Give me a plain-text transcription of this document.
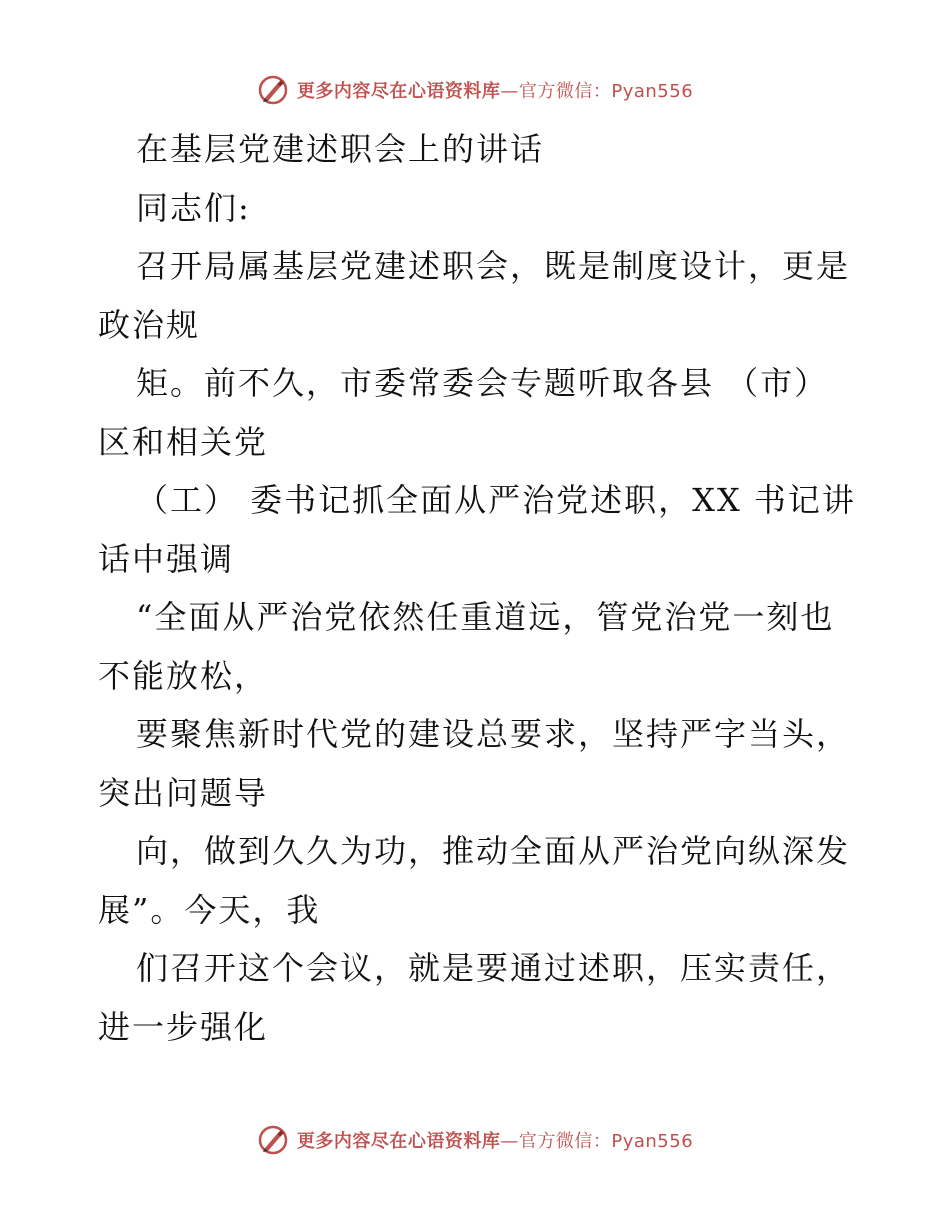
更多内容尽在心语资料库—官方微信：Pyan556
在基层党建述职会上的讲话
同志们:
召开局属基层党建述职会，既是制度设计，更是
政治规
矩。前不久，市委常委会专题听取各县 （市）
区和相关党
（工） 委书记抓全面从严治党述职，XX 书记讲
话中强调
“全面从严治党依然任重道远，管党治党一刻也
不能放松，
要聚焦新时代党的建设总要求，坚持严字当头，
突出问题导
向，做到久久为功，推动全面从严治党向纵深发
展”。今天，我
们召开这个会议，就是要通过述职，压实责任，
进一步强化
更多内容尽在心语资料库—官方微信：Pyan556
